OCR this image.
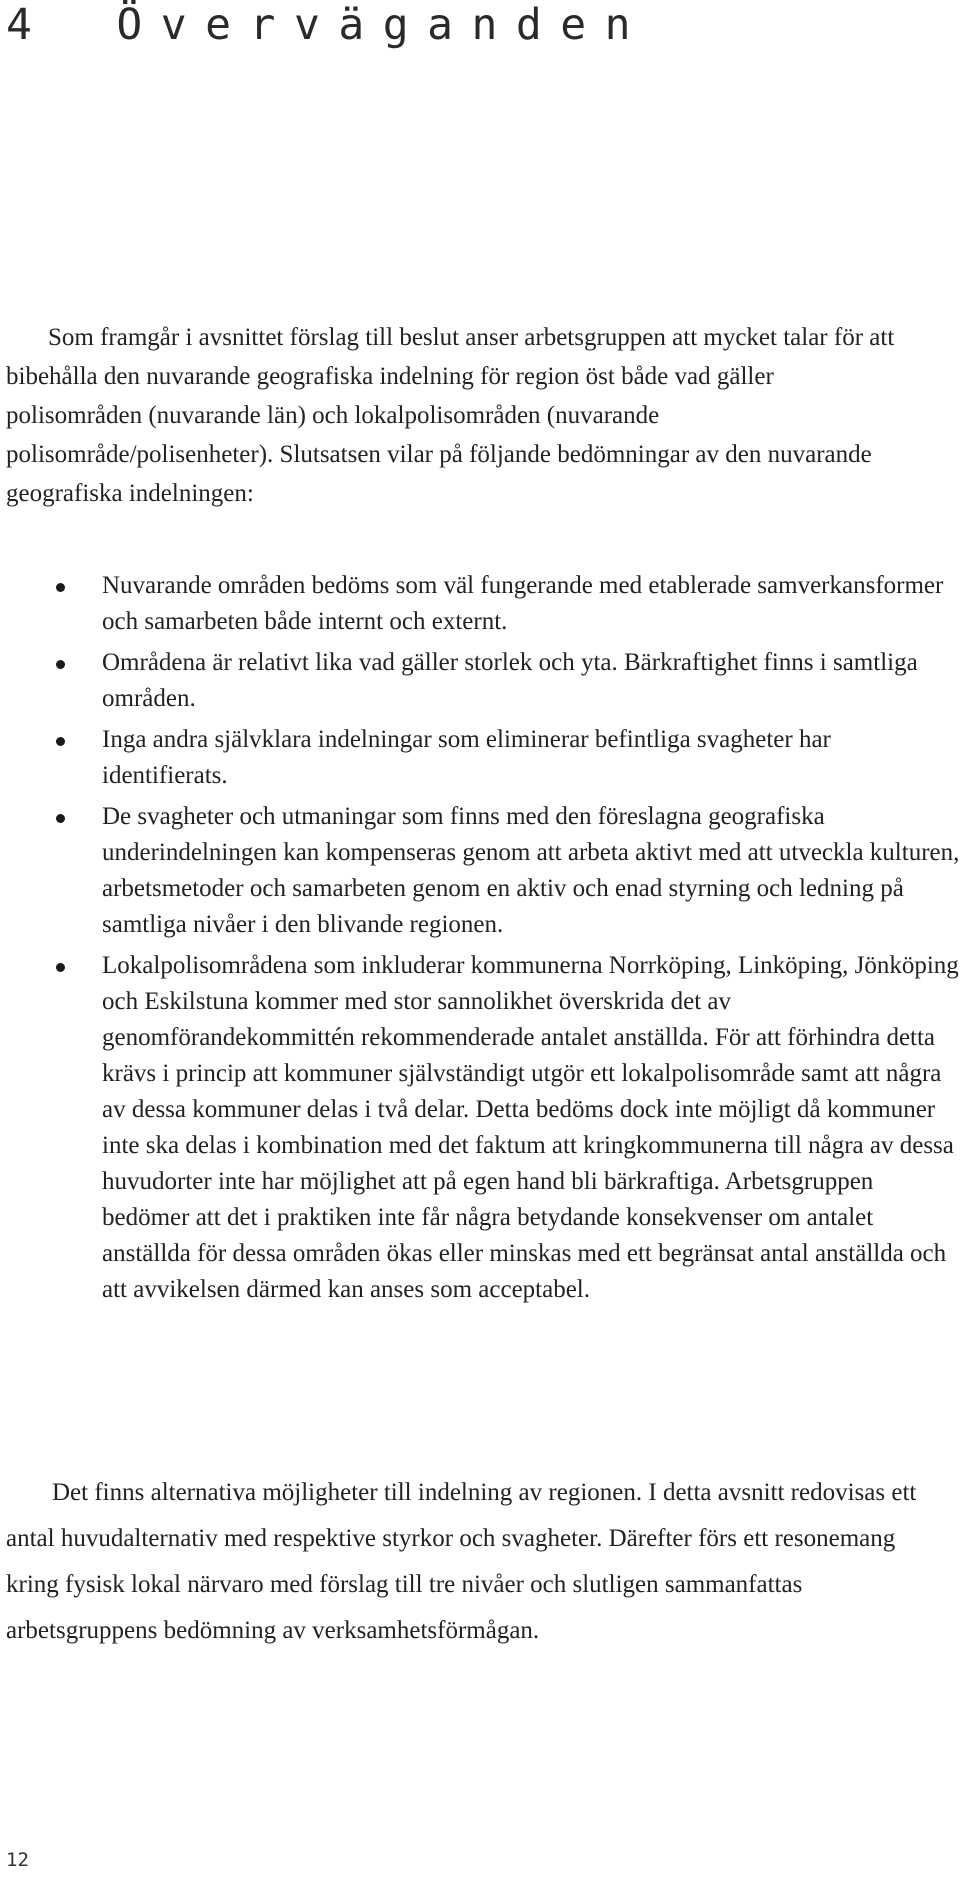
4 Överväganden

Som framgår i avsnittet förslag till beslut anser arbetsgruppen att mycket talar för att bibehålla den nuvarande geografiska indelning för region öst både vad gäller polisområden (nuvarande län) och lokalpolisområden (nuvarande polisområde/polisenheter). Slutsatsen vilar på följande bedömningar av den nuvarande geografiska indelningen:

Nuvarande områden bedöms som väl fungerande med etablerade samverkansformer och samarbeten både internt och externt.
Områdena är relativt lika vad gäller storlek och yta. Bärkraftighet finns i samtliga områden.
Inga andra självklara indelningar som eliminerar befintliga svagheter har identifierats.
De svagheter och utmaningar som finns med den föreslagna geografiska underindelningen kan kompenseras genom att arbeta aktivt med att utveckla kulturen, arbetsmetoder och samarbeten genom en aktiv och enad styrning och ledning på samtliga nivåer i den blivande regionen.
Lokalpolisområdena som inkluderar kommunerna Norrköping, Linköping, Jönköping och Eskilstuna kommer med stor sannolikhet överskrida det av genomförandekommittén rekommenderade antalet anställda. För att förhindra detta krävs i princip att kommuner självständigt utgör ett lokalpolisområde samt att några av dessa kommuner delas i två delar. Detta bedöms dock inte möjligt då kommuner inte ska delas i kombination med det faktum att kringkommunerna till några av dessa huvudorter inte har möjlighet att på egen hand bli bärkraftiga. Arbetsgruppen bedömer att det i praktiken inte får några betydande konsekvenser om antalet anställda för dessa områden ökas eller minskas med ett begränsat antal anställda och att avvikelsen därmed kan anses som acceptabel.

Det finns alternativa möjligheter till indelning av regionen. I detta avsnitt redovisas ett antal huvudalternativ med respektive styrkor och svagheter. Därefter förs ett resonemang kring fysisk lokal närvaro med förslag till tre nivåer och slutligen sammanfattas arbetsgruppens bedömning av verksamhetsförmågan.

12
